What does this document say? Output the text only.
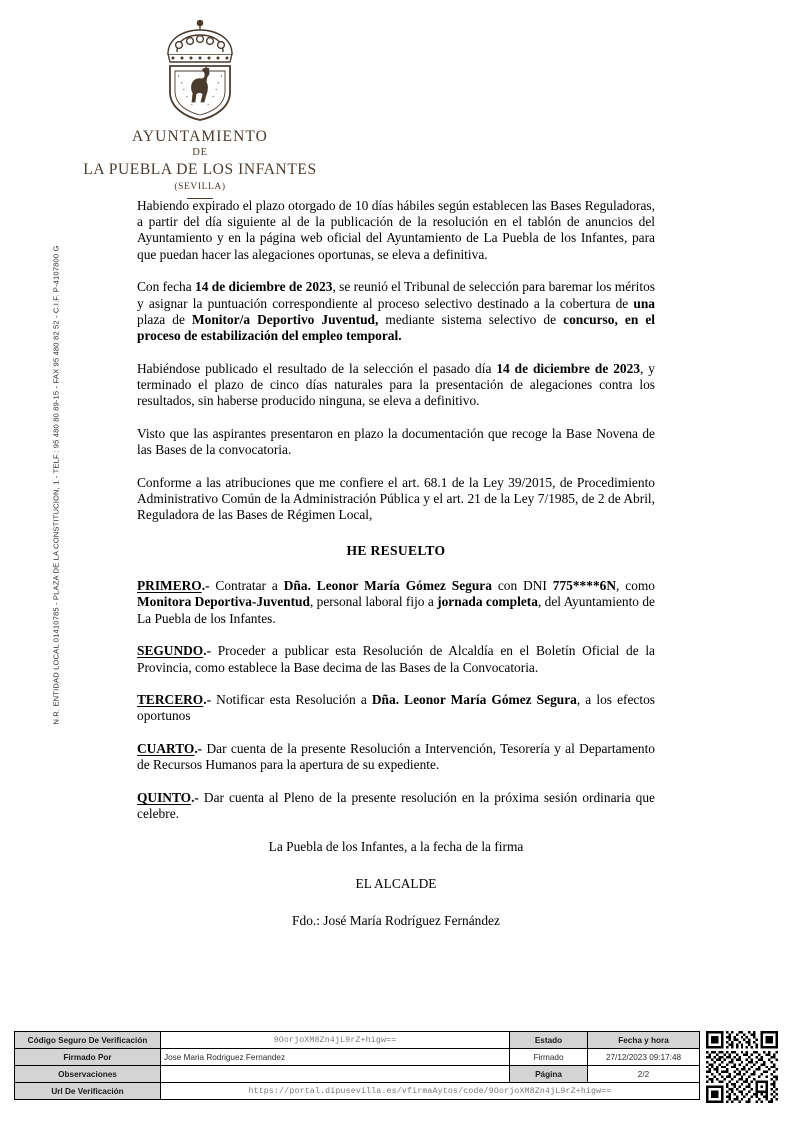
N.R. ENTIDAD LOCAL 01410785 - PLAZA DE LA CONSTITUCION, 1 - TELF.: 95 480 80 89-15 - FAX 95 480 82 52 - C.I.F. P-4107800 G
AYUNTAMIENTO
DE
LA PUEBLA DE LOS INFANTES
(SEVILLA)

Habiendo expirado el plazo otorgado de 10 días hábiles según establecen las Bases Reguladoras, a partir del día siguiente al de la publicación de la resolución en el tablón de anuncios del Ayuntamiento y en la página web oficial del Ayuntamiento de La Puebla de los Infantes, para que puedan hacer las alegaciones oportunas, se eleva a definitiva.

Con fecha 14 de diciembre de 2023, se reunió el Tribunal de selección para baremar los méritos y asignar la puntuación correspondiente al proceso selectivo destinado a la cobertura de una plaza de Monitor/a Deportivo Juventud, mediante sistema selectivo de concurso, en el proceso de estabilización del empleo temporal.

Habiéndose publicado el resultado de la selección el pasado día 14 de diciembre de 2023, y terminado el plazo de cinco días naturales para la presentación de alegaciones contra los resultados, sin haberse producido ninguna, se eleva a definitivo.

Visto que las aspirantes presentaron en plazo la documentación que recoge la Base Novena de las Bases de la convocatoria.

Conforme a las atribuciones que me confiere el art. 68.1 de la Ley 39/2015, de Procedimiento Administrativo Común de la Administración Pública y el art. 21 de la Ley 7/1985, de 2 de Abril, Reguladora de las Bases de Régimen Local,

HE RESUELTO

PRIMERO.- Contratar a Dña. Leonor María Gómez Segura con DNI 775****6N, como Monitora Deportiva-Juventud, personal laboral fijo a jornada completa, del Ayuntamiento de La Puebla de los Infantes.

SEGUNDO.- Proceder a publicar esta Resolución de Alcaldía en el Boletín Oficial de la Provincia, como establece la Base decima de las Bases de la Convocatoria.

TERCERO.- Notificar esta Resolución a Dña. Leonor María Gómez Segura, a los efectos oportunos

CUARTO.- Dar cuenta de la presente Resolución a Intervención, Tesorería y al Departamento de Recursos Humanos para la apertura de su expediente.

QUINTO.- Dar cuenta al Pleno de la presente resolución en la próxima sesión ordinaria que celebre.

La Puebla de los Infantes, a la fecha de la firma

EL ALCALDE

Fdo.: José María Rodríguez Fernández

Código Seguro De Verificación	9OorjoXM8Zn4jL9rZ+higw==	Estado	Fecha y hora
Firmado Por	Jose Maria Rodriguez Fernandez	Firmado	27/12/2023 09:17:48
Observaciones		Página	2/2
Url De Verificación	https://portal.dipusevilla.es/vfirmaAytos/code/9OorjoXM8Zn4jL9rZ+higw==		
